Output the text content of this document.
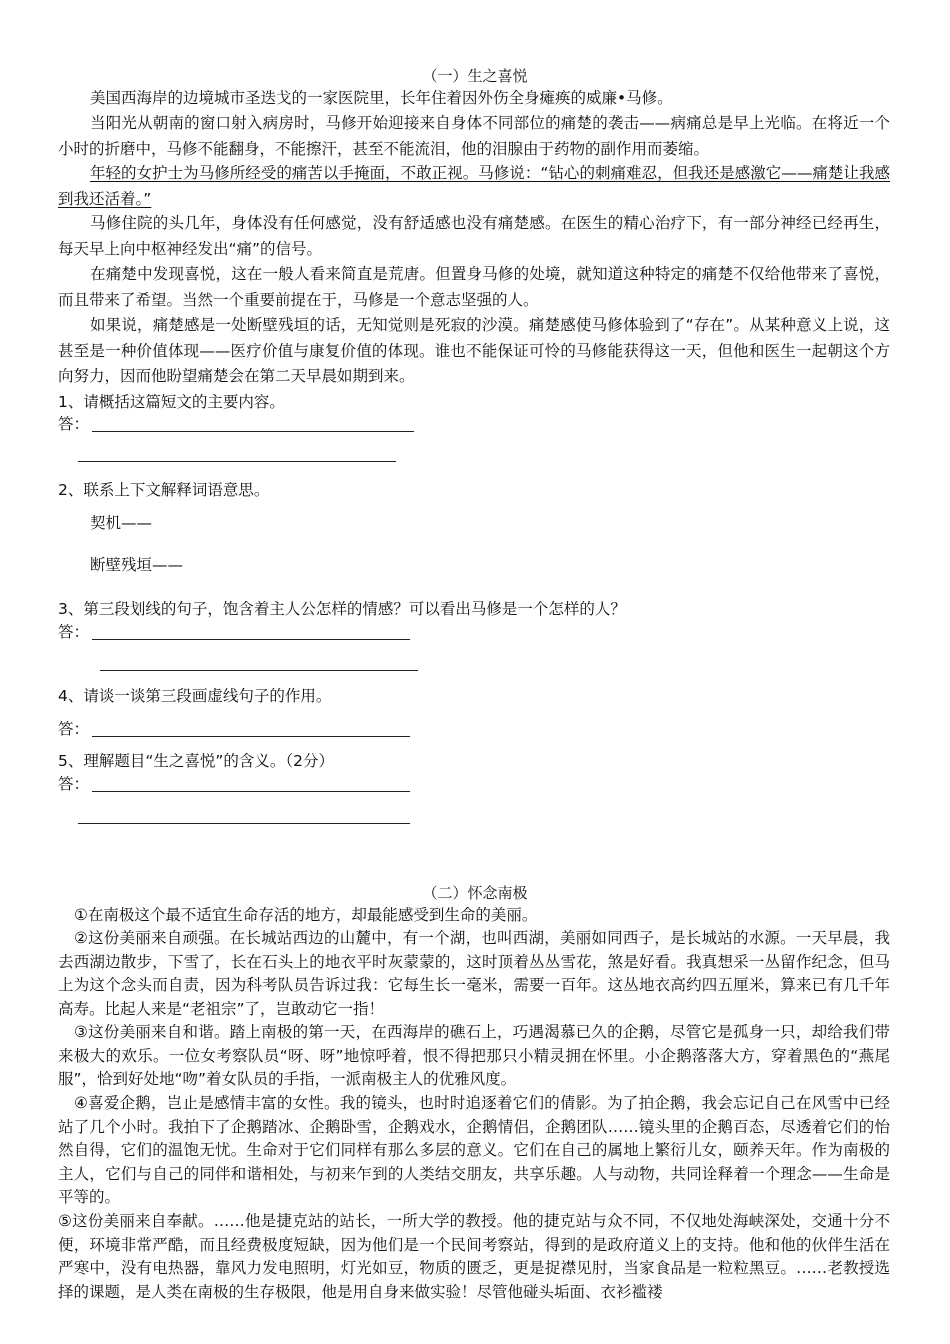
（一）生之喜悦

美国西海岸的边境城市圣迭戈的一家医院里，长年住着因外伤全身瘫痪的威廉•马修。

当阳光从朝南的窗口射入病房时，马修开始迎接来自身体不同部位的痛楚的袭击——病痛总是早上光临。在将近一个小时的折磨中，马修不能翻身，不能擦汗，甚至不能流泪，他的泪腺由于药物的副作用而萎缩。

年轻的女护士为马修所经受的痛苦以手掩面，不敢正视。马修说：“钻心的刺痛难忍，但我还是感激它——痛楚让我感到我还活着。”

马修住院的头几年，身体没有任何感觉，没有舒适感也没有痛楚感。在医生的精心治疗下，有一部分神经已经再生，每天早上向中枢神经发出“痛”的信号。

在痛楚中发现喜悦，这在一般人看来简直是荒唐。但置身马修的处境，就知道这种特定的痛楚不仅给他带来了喜悦，而且带来了希望。当然一个重要前提在于，马修是一个意志坚强的人。

如果说，痛楚感是一处断壁残垣的话，无知觉则是死寂的沙漠。痛楚感使马修体验到了“存在”。从某种意义上说，这甚至是一种价值体现——医疗价值与康复价值的体现。谁也不能保证可怜的马修能获得这一天，但他和医生一起朝这个方向努力，因而他盼望痛楚会在第二天早晨如期到来。

1、请概括这篇短文的主要内容。
答：
2、联系上下文解释词语意思。
契机——
断壁残垣——
3、第三段划线的句子，饱含着主人公怎样的情感？可以看出马修是一个怎样的人？
答：
4、请谈一谈第三段画虚线句子的作用。
答：
5、理解题目“生之喜悦”的含义。（2分）
答：
（二）怀念南极

①在南极这个最不适宜生命存活的地方，却最能感受到生命的美丽。

②这份美丽来自顽强。在长城站西边的山麓中，有一个湖，也叫西湖，美丽如同西子，是长城站的水源。一天早晨，我去西湖边散步，下雪了，长在石头上的地衣平时灰蒙蒙的，这时顶着丛丛雪花，煞是好看。我真想采一丛留作纪念，但马上为这个念头而自责，因为科考队员告诉过我：它每生长一毫米，需要一百年。这丛地衣高约四五厘米，算来已有几千年高寿。比起人来是“老祖宗”了，岂敢动它一指！

③这份美丽来自和谐。踏上南极的第一天，在西海岸的礁石上，巧遇渴慕已久的企鹅，尽管它是孤身一只，却给我们带来极大的欢乐。一位女考察队员“呀、呀”地惊呼着，恨不得把那只小精灵拥在怀里。小企鹅落落大方，穿着黑色的“燕尾服”，恰到好处地“吻”着女队员的手指，一派南极主人的优雅风度。

④喜爱企鹅，岂止是感情丰富的女性。我的镜头，也时时追逐着它们的倩影。为了拍企鹅，我会忘记自己在风雪中已经站了几个小时。我拍下了企鹅踏冰、企鹅卧雪，企鹅戏水，企鹅情侣，企鹅团队……镜头里的企鹅百态，尽透着它们的怡然自得，它们的温饱无忧。生命对于它们同样有那么多层的意义。它们在自己的属地上繁衍儿女，颐养天年。作为南极的主人，它们与自己的同伴和谐相处，与初来乍到的人类结交朋友，共享乐趣。人与动物，共同诠释着一个理念——生命是平等的。

⑤这份美丽来自奉献。……他是捷克站的站长，一所大学的教授。他的捷克站与众不同，不仅地处海峡深处，交通十分不便，环境非常严酷，而且经费极度短缺，因为他们是一个民间考察站，得到的是政府道义上的支持。他和他的伙伴生活在严寒中，没有电热器，靠风力发电照明，灯光如豆，物质的匮乏，更是捉襟见肘，当家食品是一粒粒黑豆。……老教授选择的课题，是人类在南极的生存极限，他是用自身来做实验！尽管他碰头垢面、衣衫褴褛
